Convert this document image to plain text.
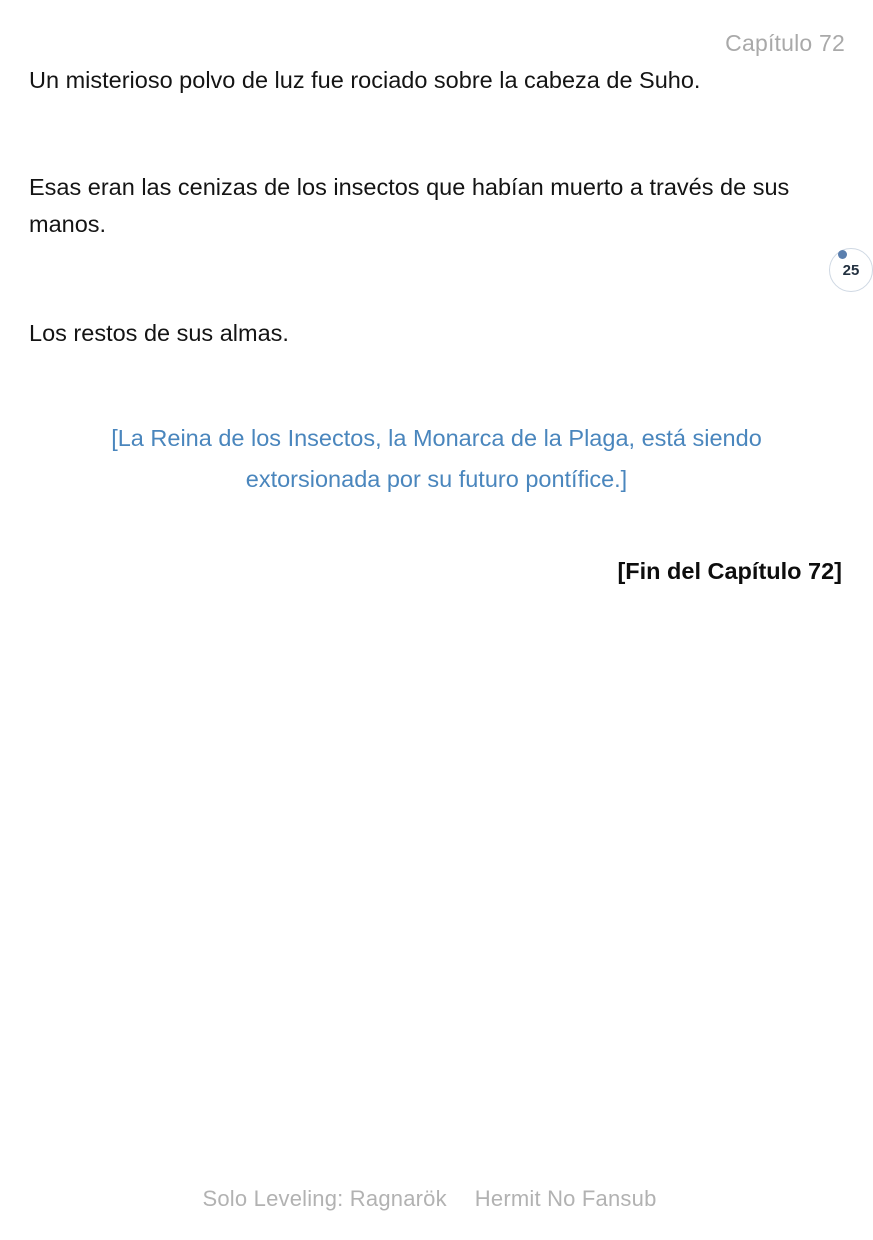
Capítulo 72

Un misterioso polvo de luz fue rociado sobre la cabeza de Suho.

Esas eran las cenizas de los insectos que habían muerto a través de sus manos.

Los restos de sus almas.

[La Reina de los Insectos, la Monarca de la Plaga, está siendo extorsionada por su futuro pontífice.]

[Fin del Capítulo 72]

25
Solo Leveling: Ragnarök Hermit No Fansub
